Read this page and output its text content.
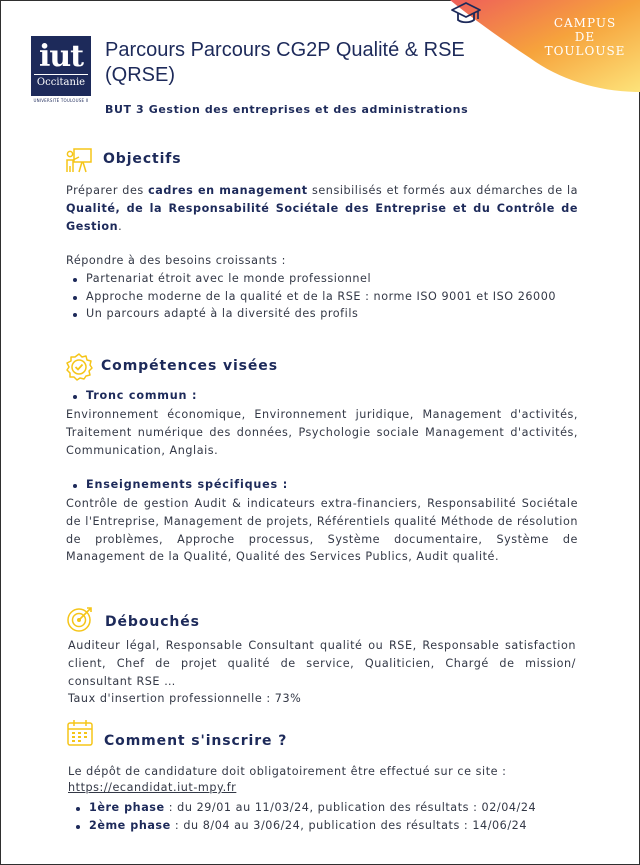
CAMPUS
DE
TOULOUSE
iut
Occitanie
UNIVERSITÉ TOULOUSE II
Parcours Parcours CG2P Qualité & RSE (QRSE)
BUT 3 Gestion des entreprises et des administrations
Objectifs
Préparer des cadres en management sensibilisés et formés aux démarches de la Qualité, de la Responsabilité Sociétale des Entreprise et du Contrôle de Gestion.
Répondre à des besoins croissants :
Partenariat étroit avec le monde professionnel
Approche moderne de la qualité et de la RSE : norme ISO 9001 et ISO 26000
Un parcours adapté à la diversité des profils
Compétences visées
Tronc commun :
Environnement économique, Environnement juridique, Management d'activités, Traitement numérique des données, Psychologie sociale Management d'activités, Communication, Anglais.
Enseignements spécifiques :
Contrôle de gestion Audit & indicateurs extra-financiers, Responsabilité Sociétale de l'Entreprise, Management de projets, Référentiels qualité Méthode de résolution de problèmes, Approche processus, Système documentaire, Système de Management de la Qualité, Qualité des Services Publics, Audit qualité.
Débouchés
Auditeur légal, Responsable Consultant qualité ou RSE, Responsable satisfaction client, Chef de projet qualité de service, Qualiticien, Chargé de mission/ consultant RSE …
Taux d'insertion professionnelle : 73%
Comment s'inscrire ?
Le dépôt de candidature doit obligatoirement être effectué sur ce site :
https://ecandidat.iut-mpy.fr
1ère phase : du 29/01 au 11/03/24, publication des résultats : 02/04/24
2ème phase : du 8/04 au 3/06/24, publication des résultats : 14/06/24
